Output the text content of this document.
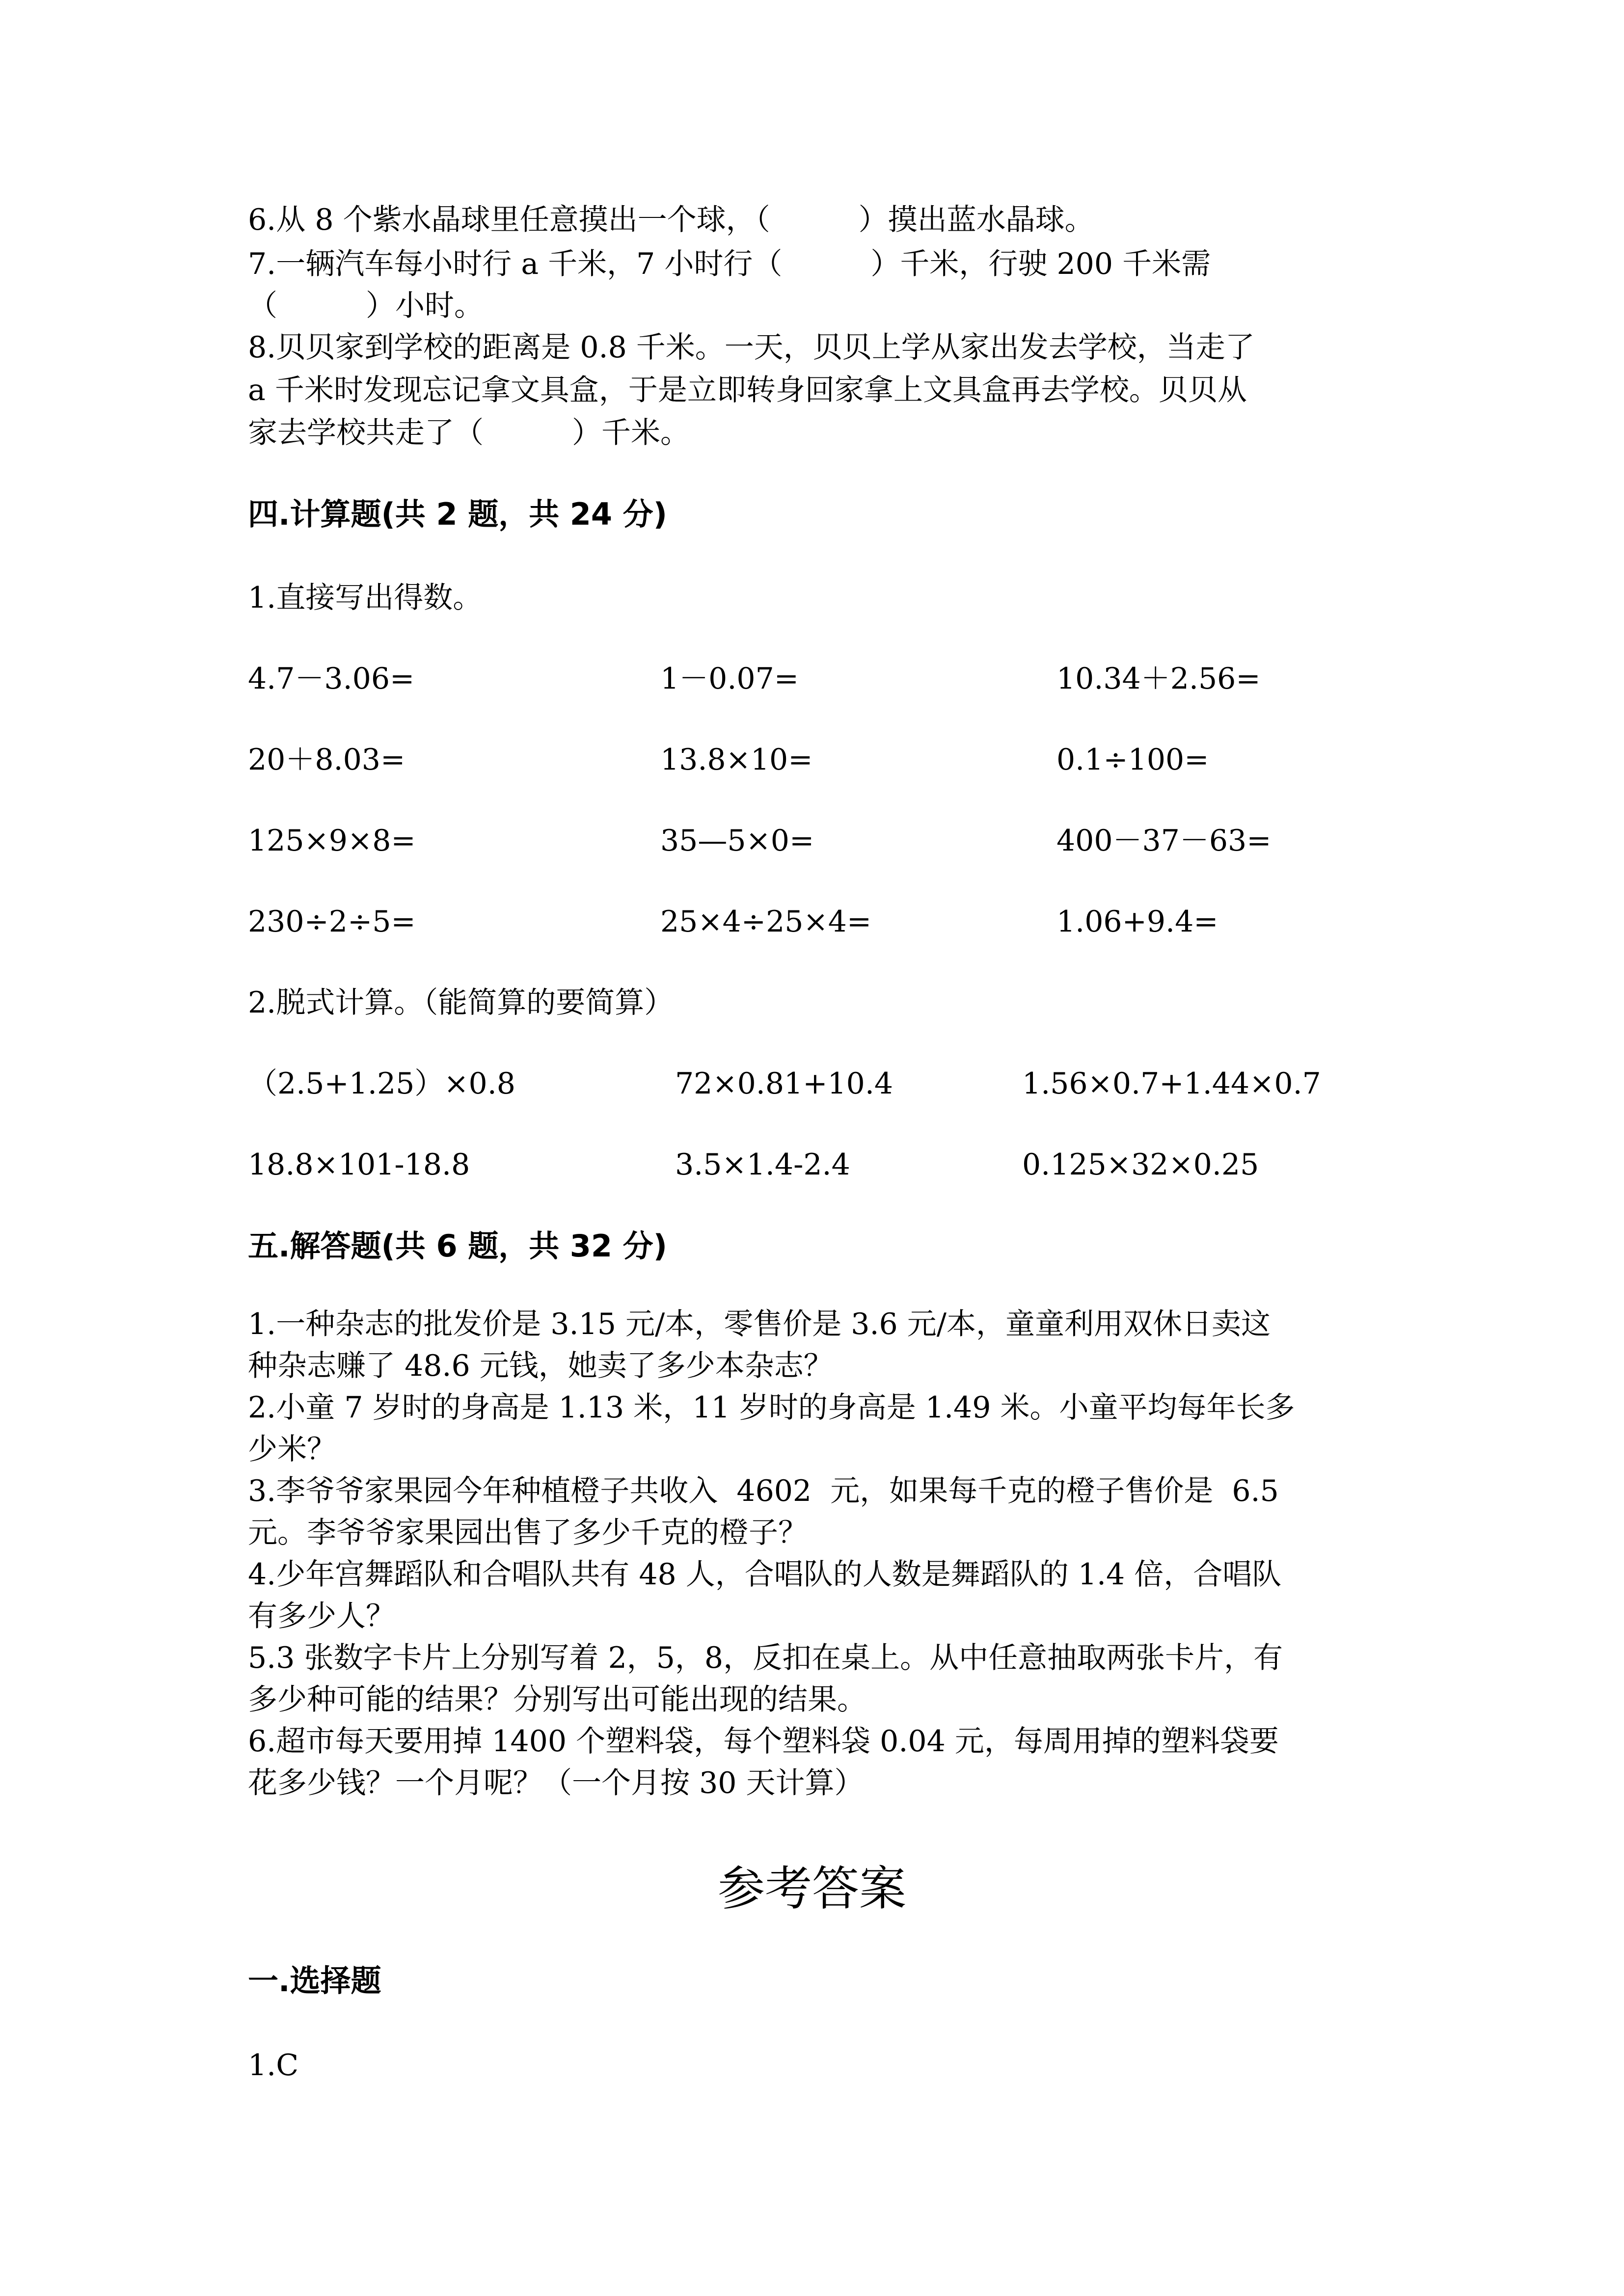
6.从 8 个紫水晶球里任意摸出一个球，（　　　）摸出蓝水晶球。
7.一辆汽车每小时行 a 千米，7 小时行（　　　）千米，行驶 200 千米需
（　　　）小时。
8.贝贝家到学校的距离是 0.8 千米。一天，贝贝上学从家出发去学校，当走了
a 千米时发现忘记拿文具盒，于是立即转身回家拿上文具盒再去学校。贝贝从
家去学校共走了（　　　）千米。
四.计算题(共 2 题，共 24 分)
1.直接写出得数。
4.7－3.06=	1－0.07=	10.34＋2.56=
20＋8.03=	13.8×10=	0.1÷100=
125×9×8=	35—5×0=	400－37－63=
230÷2÷5=	25×4÷25×4=	1.06+9.4=
2.脱式计算。（能简算的要简算）
（2.5+1.25）×0.8	72×0.81+10.4	1.56×0.7+1.44×0.7
18.8×101-18.8	3.5×1.4-2.4	0.125×32×0.25
五.解答题(共 6 题，共 32 分)
1.一种杂志的批发价是 3.15 元/本，零售价是 3.6 元/本，童童利用双休日卖这
种杂志赚了 48.6 元钱，她卖了多少本杂志？
2.小童 7 岁时的身高是 1.13 米，11 岁时的身高是 1.49 米。小童平均每年长多
少米？
3.李爷爷家果园今年种植橙子共收入  4602  元，如果每千克的橙子售价是  6.5
元。李爷爷家果园出售了多少千克的橙子？
4.少年宫舞蹈队和合唱队共有 48 人，合唱队的人数是舞蹈队的 1.4 倍，合唱队
有多少人？
5.3 张数字卡片上分别写着 2，5，8，反扣在桌上。从中任意抽取两张卡片，有
多少种可能的结果？分别写出可能出现的结果。
6.超市每天要用掉 1400 个塑料袋，每个塑料袋 0.04 元，每周用掉的塑料袋要
花多少钱？一个月呢？（一个月按 30 天计算）
参考答案
一.选择题
1.C
